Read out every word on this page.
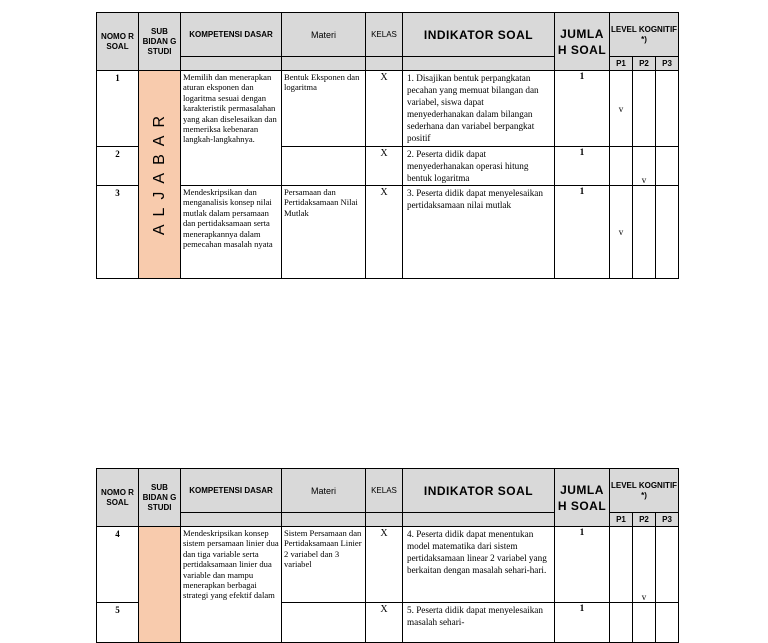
NOMO R SOAL	SUB BIDAN G STUDI	KOMPETENSI DASAR	Materi	KELAS	INDIKATOR SOAL	JUMLA H SOAL	LEVEL KOGNITIF *)		
							P1	P2	P3
1	ALJABAR	Memilih dan menerapkan aturan eksponen dan logaritma sesuai dengan karakteristik permasalahan yang akan diselesaikan dan memeriksa kebenaran langkah-langkahnya.	Bentuk Eksponen dan logaritma	X	1. Disajikan bentuk perpangkatan pecahan yang memuat bilangan dan variabel, siswa dapat menyederhanakan dalam bilangan sederhana dan variabel berpangkat positif	1	v		
2				X	2. Peserta didik dapat menyederhanakan operasi hitung bentuk logaritma	1		v	
3		Mendeskripsikan dan menganalisis konsep nilai mutlak dalam persamaan dan pertidaksamaan serta menerapkannya dalam pemecahan masalah nyata	Persamaan dan Pertidaksamaan Nilai Mutlak	X	3. Peserta didik dapat menyelesaikan pertidaksamaan nilai mutlak	1	v		
NOMO R SOAL	SUB BIDAN G STUDI	KOMPETENSI DASAR	Materi	KELAS	INDIKATOR SOAL	JUMLA H SOAL	LEVEL KOGNITIF *)		
							P1	P2	P3
4		Mendeskripsikan konsep sistem persamaan linier dua dan tiga variable serta pertidaksamaan linier dua variable dan mampu menerapkan berbagai strategi yang efektif dalam	Sistem Persamaan dan Pertidaksamaan Linier 2 variabel dan 3 variabel	X	4. Peserta didik dapat menentukan model matematika dari sistem pertidaksamaan linear 2 variabel yang berkaitan dengan masalah sehari-hari.	1		v	
5				X	5. Peserta didik dapat menyelesaikan masalah sehari-	1			
